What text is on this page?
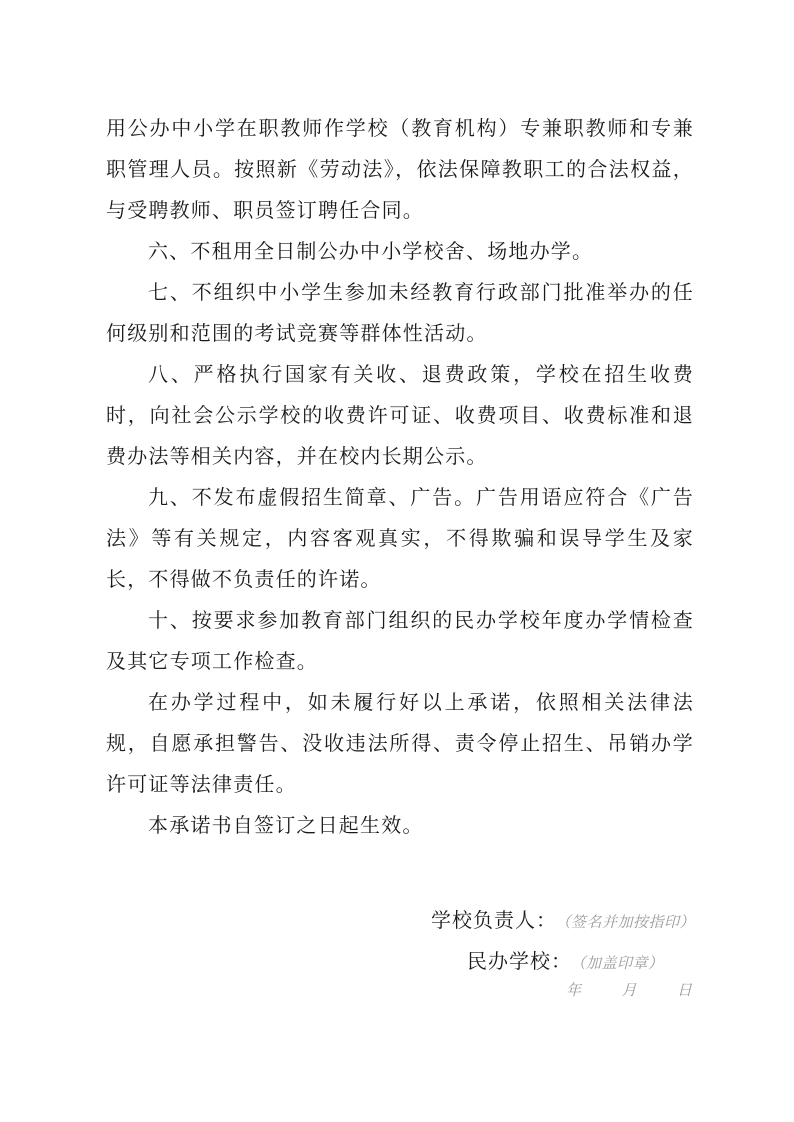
用公办中小学在职教师作学校（教育机构）专兼职教师和专兼职管理人员。按照新《劳动法》，依法保障教职工的合法权益，与受聘教师、职员签订聘任合同。

六、不租用全日制公办中小学校舍、场地办学。

七、不组织中小学生参加未经教育行政部门批准举办的任何级别和范围的考试竞赛等群体性活动。

八、严格执行国家有关收、退费政策，学校在招生收费时，向社会公示学校的收费许可证、收费项目、收费标准和退费办法等相关内容，并在校内长期公示。

九、不发布虚假招生简章、广告。广告用语应符合《广告法》等有关规定，内容客观真实，不得欺骗和误导学生及家长，不得做不负责任的许诺。

十、按要求参加教育部门组织的民办学校年度办学情检查及其它专项工作检查。

在办学过程中，如未履行好以上承诺，依照相关法律法规，自愿承担警告、没收违法所得、责令停止招生、吊销办学许可证等法律责任。

本承诺书自签订之日起生效。

学校负责人： （签名并加按指印）
民办学校： （加盖印章）
年	月	日
